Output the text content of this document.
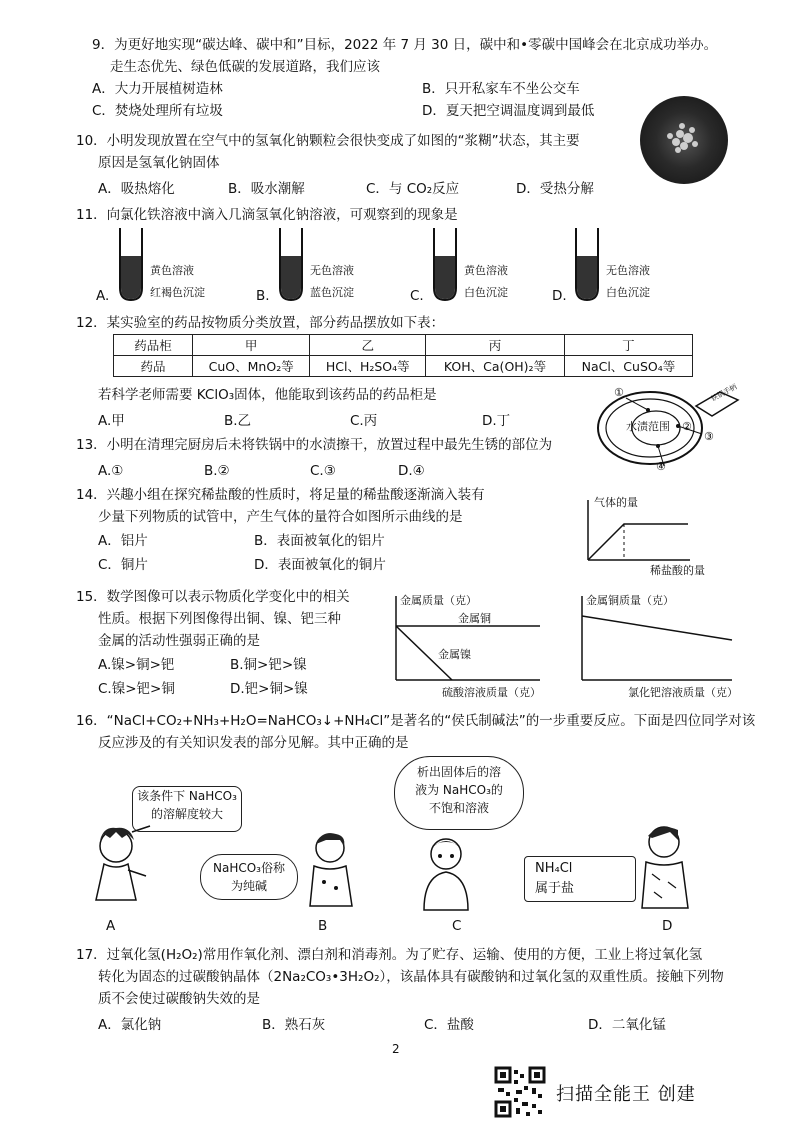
9．为更好地实现“碳达峰、碳中和”目标，2022 年 7 月 30 日，碳中和•零碳中国峰会在北京成功举办。
走生态优先、绿色低碳的发展道路，我们应该
A．大力开展植树造林	B．只开私家车不坐公交车
C．焚烧处理所有垃圾	D．夏天把空调温度调到最低
10．小明发现放置在空气中的氢氧化钠颗粒会很快变成了如图的“浆糊”状态，其主要
原因是氢氧化钠固体
A．吸热熔化	B．吸水潮解	C．与 CO₂反应	D．受热分解
11．向氯化铁溶液中滴入几滴氢氧化钠溶液，可观察到的现象是
A.
黄色溶液
红褐色沉淀	B.
无色溶液
蓝色沉淀	C.
黄色溶液
白色沉淀	D.
无色溶液
白色沉淀
12．某实验室的药品按物质分类放置，部分药品摆放如下表：
药品柜	甲	乙	丙	丁
药品	CuO、MnO₂等	HCl、H₂SO₄等	KOH、Ca(OH)₂等	NaCl、CuSO₄等
若科学老师需要 KClO₃固体，他能取到该药品的药品柜是
A.甲	B.乙	C.丙	D.丁	水渍范围
铁锅手柄
①
②
③
④
13．小明在清理完厨房后未将铁锅中的水渍擦干，放置过程中最先生锈的部位为
A.①	B.②	C.③	D.④
14．兴趣小组在探究稀盐酸的性质时，将足量的稀盐酸逐渐滴入装有
少量下列物质的试管中，产生气体的量符合如图所示曲线的是
A．铝片	B．表面被氧化的铝片
C．铜片	D．表面被氧化的铜片
气体的量
稀盐酸的量
15．数学图像可以表示物质化学变化中的相关
性质。根据下列图像得出铜、镍、钯三种
金属的活动性强弱正确的是
A.镍>铜>钯	B.铜>钯>镍
C.镍>钯>铜	D.钯>铜>镍
金属质量（克）
金属铜
金属镍
硫酸溶液质量（克）
金属铜质量（克）
氯化钯溶液质量（克）
16．“NaCl+CO₂+NH₃+H₂O=NaHCO₃↓+NH₄Cl”是著名的“侯氏制碱法”的一步重要反应。下面是四位同学对该
反应涉及的有关知识发表的部分见解。其中正确的是
该条件下 NaHCO₃
的溶解度较大
A
NaHCO₃俗称
为纯碱
B
析出固体后的溶
液为 NaHCO₃的
不饱和溶液
C
NH₄Cl
属于盐
D
17．过氧化氢(H₂O₂)常用作氧化剂、漂白剂和消毒剂。为了贮存、运输、使用的方便，工业上将过氧化氢
转化为固态的过碳酸钠晶体（2Na₂CO₃•3H₂O₂），该晶体具有碳酸钠和过氧化氢的双重性质。接触下列物
质不会使过碳酸钠失效的是
A．氯化钠	B．熟石灰	C．盐酸	D．二氧化锰
2
扫描全能王 创建
